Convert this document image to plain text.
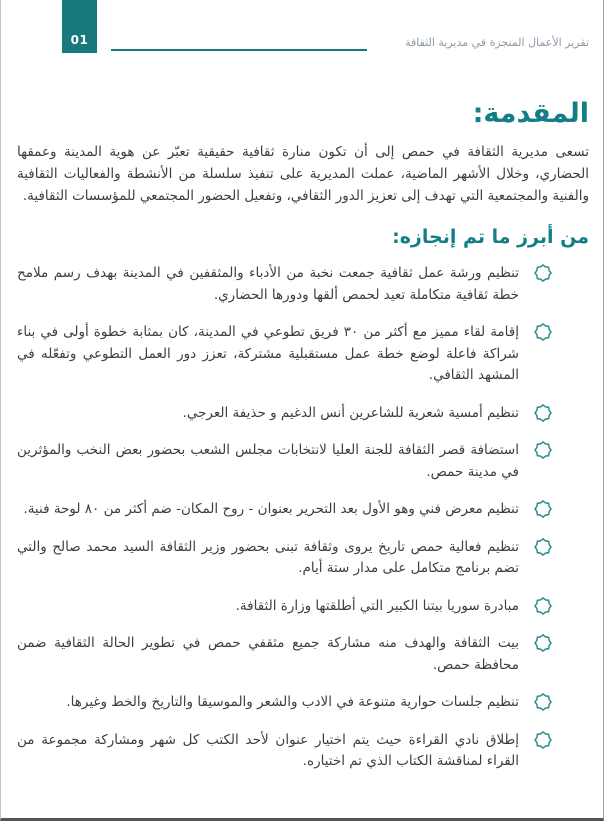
01	تقرير الأعمال المنجزة في مديرية الثقافة
المقدمة:

تسعى مديرية الثقافة في حمص إلى أن تكون منارة ثقافية حقيقية تعبّر عن هوية المدينة وعمقها الحضاري، وخلال الأشهر الماضية، عملت المديرية على تنفيذ سلسلة من الأنشطة والفعاليات الثقافية والفنية والمجتمعية التي تهدف إلى تعزيز الدور الثقافي، وتفعيل الحضور المجتمعي للمؤسسات الثقافية.

من أبرز ما تم إنجازه:
تنظيم ورشة عمل ثقافية جمعت نخبة من الأدباء والمثقفين في المدينة بهدف رسم ملامح خطة ثقافية متكاملة تعيد لحمص ألقها ودورها الحضاري.
إقامة لقاء مميز مع أكثر من ٣٠ فريق تطوعي في المدينة، كان بمثابة خطوة أولى في بناء شراكة فاعلة لوضع خطة عمل مستقبلية مشتركة، تعزز دور العمل التطوعي وتفعّله في المشهد الثقافي.
تنظيم أمسية شعرية للشاعرين أنس الدغيم و حذيفة العرجي.
استضافة قصر الثقافة للجنة العليا لانتخابات مجلس الشعب بحضور بعض النخب والمؤثرين في مدينة حمص.
تنظيم معرض فني وهو الأول بعد التحرير بعنوان - روح المكان- ضم أكثر من ٨٠ لوحة فنية.
تنظيم فعالية حمص تاريخ يروى وثقافة تبنى بحضور وزير الثقافة السيد محمد صالح والتي تضم برنامج متكامل على مدار ستة أيام.
مبادرة سوريا بيتنا الكبير التي أطلقتها وزارة الثقافة.
بيت الثقافة والهدف منه مشاركة جميع مثقفي حمص في تطوير الحالة الثقافية ضمن محافظة حمص.
تنظيم جلسات حوارية متنوعة في الادب والشعر والموسيقا والتاريخ والخط وغيرها.
إطلاق نادي القراءة حيث يتم اختيار عنوان لأحد الكتب كل شهر ومشاركة مجموعة من القراء لمناقشة الكتاب الذي تم اختياره.
